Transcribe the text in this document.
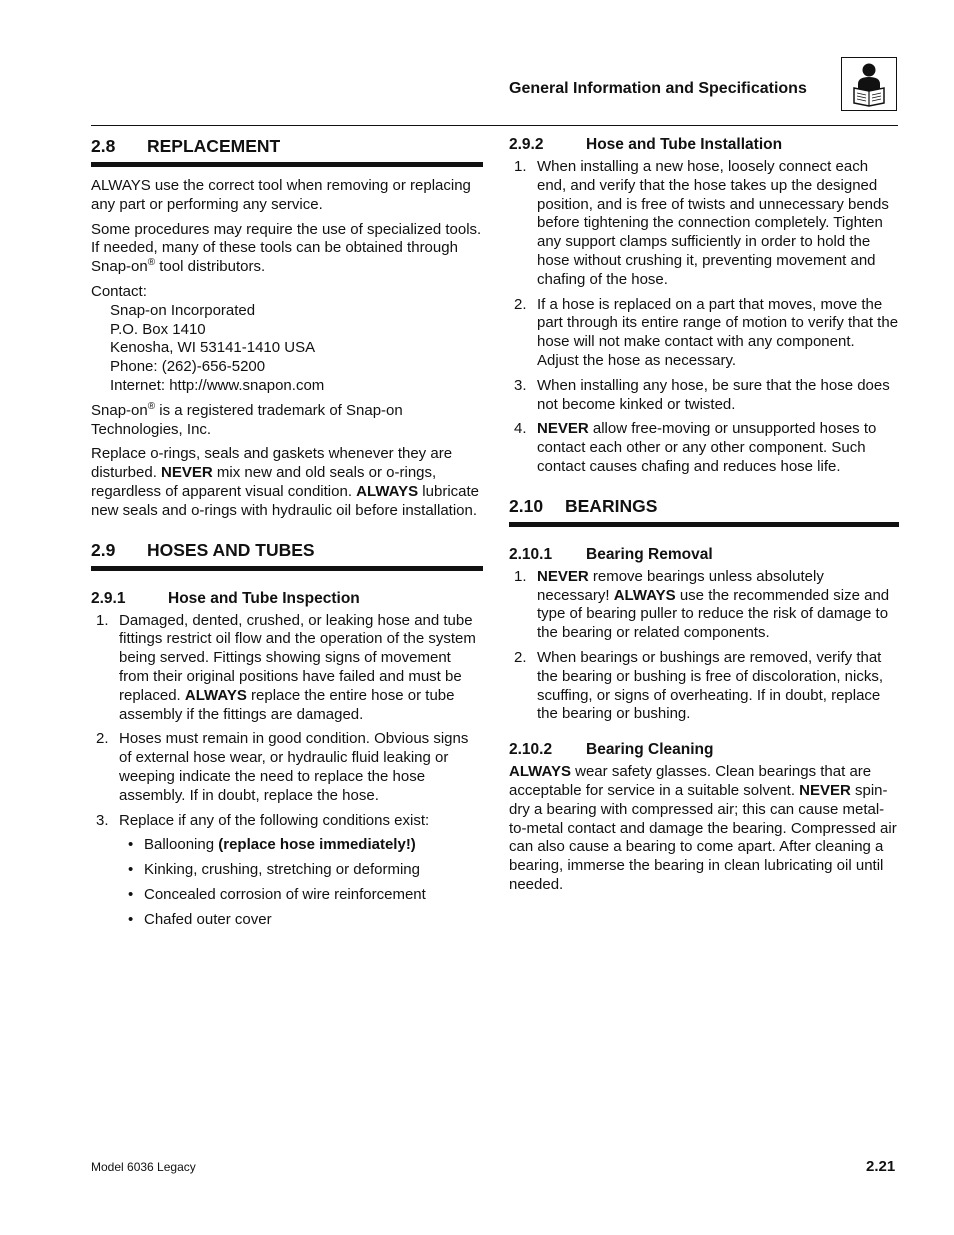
General Information and Specifications
2.8 REPLACEMENT

ALWAYS use the correct tool when removing or replacing any part or performing any service.

Some procedures may require the use of specialized tools. If needed, many of these tools can be obtained through Snap-on® tool distributors.

Contact:
Snap-on Incorporated
P.O. Box 1410
Kenosha, WI 53141-1410 USA
Phone: (262)-656-5200
Internet: http://www.snapon.com

Snap-on® is a registered trademark of Snap-on Technologies, Inc.

Replace o-rings, seals and gaskets whenever they are disturbed. NEVER mix new and old seals or o-rings, regardless of apparent visual condition. ALWAYS lubricate new seals and o-rings with hydraulic oil before installation.

2.9 HOSES AND TUBES
2.9.1	Hose and Tube Inspection
1. Damaged, dented, crushed, or leaking hose and tube fittings restrict oil flow and the operation of the system being served. Fittings showing signs of movement from their original positions have failed and must be replaced. ALWAYS replace the entire hose or tube assembly if the fittings are damaged.
2. Hoses must remain in good condition. Obvious signs of external hose wear, or hydraulic fluid leaking or weeping indicate the need to replace the hose assembly. If in doubt, replace the hose.
3. Replace if any of the following conditions exist:
• Ballooning (replace hose immediately!)
• Kinking, crushing, stretching or deforming
• Concealed corrosion of wire reinforcement
• Chafed outer cover
2.9.2	Hose and Tube Installation
1. When installing a new hose, loosely connect each end, and verify that the hose takes up the designed position, and is free of twists and unnecessary bends before tightening the connection completely. Tighten any support clamps sufficiently in order to hold the hose without crushing it, preventing movement and chafing of the hose.
2. If a hose is replaced on a part that moves, move the part through its entire range of motion to verify that the hose will not make contact with any component. Adjust the hose as necessary.
3. When installing any hose, be sure that the hose does not become kinked or twisted.
4. NEVER allow free-moving or unsupported hoses to contact each other or any other component. Such contact causes chafing and reduces hose life.
2.10 BEARINGS
2.10.1 Bearing Removal
1. NEVER remove bearings unless absolutely necessary! ALWAYS use the recommended size and type of bearing puller to reduce the risk of damage to the bearing or related components.
2. When bearings or bushings are removed, verify that the bearing or bushing is free of discoloration, nicks, scuffing, or signs of overheating. If in doubt, replace the bearing or bushing.
2.10.2 Bearing Cleaning

ALWAYS wear safety glasses. Clean bearings that are acceptable for service in a suitable solvent. NEVER spin-dry a bearing with compressed air; this can cause metal-to-metal contact and damage the bearing. Compressed air can also cause a bearing to come apart. After cleaning a bearing, immerse the bearing in clean lubricating oil until needed.

Model 6036 Legacy	2.21
